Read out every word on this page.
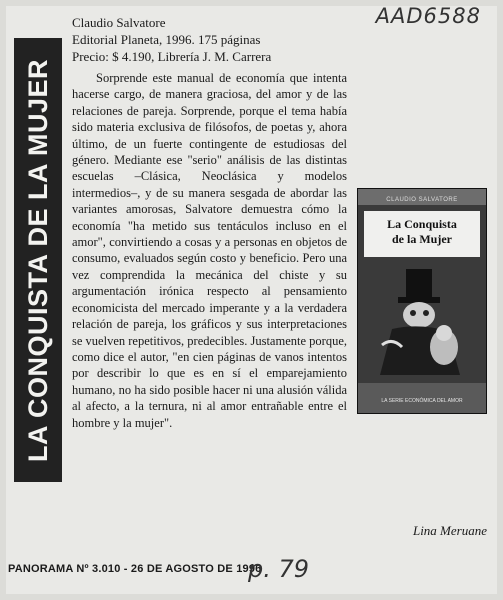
AAD6588
LA CONQUISTA DE LA MUJER
Claudio Salvatore
Editorial Planeta, 1996. 175 páginas
Precio: $ 4.190, Librería J. M. Carrera
CLAUDIO SALVATORE
La Conquista
de la Mujer
LA SERIE ECONÓMICA DEL AMOR

Sorprende este manual de economía que intenta hacerse cargo, de manera graciosa, del amor y de las relaciones de pareja. Sorprende, porque el tema había sido materia exclusiva de filósofos, de poetas y, ahora último, de un fuerte contingente de estudiosas del género. Mediante ese "serio" análisis de las distintas escuelas –Clásica, Neoclásica y modelos intermedios–, y de su manera sesgada de abordar las variantes amorosas, Salvatore demuestra cómo la economía "ha metido sus tentáculos incluso en el amor", convirtiendo a cosas y a personas en objetos de consumo, evaluados según costo y beneficio. Pero una vez comprendida la mecánica del chiste y su argumentación irónica respecto al pensamiento economicista del mercado imperante y a la verdadera relación de pareja, los gráficos y sus interpretaciones se vuelven repetitivos, predecibles. Justamente porque, como dice el autor, "en cien páginas de vanos intentos por describir lo que es en sí el emparejamiento humano, no ha sido posible hacer ni una alusión válida al afecto, a la ternura, ni al amor entrañable entre el hombre y la mujer".

Lina Meruane
PANORAMA Nº 3.010 - 26 DE AGOSTO DE 1996
p. 79
